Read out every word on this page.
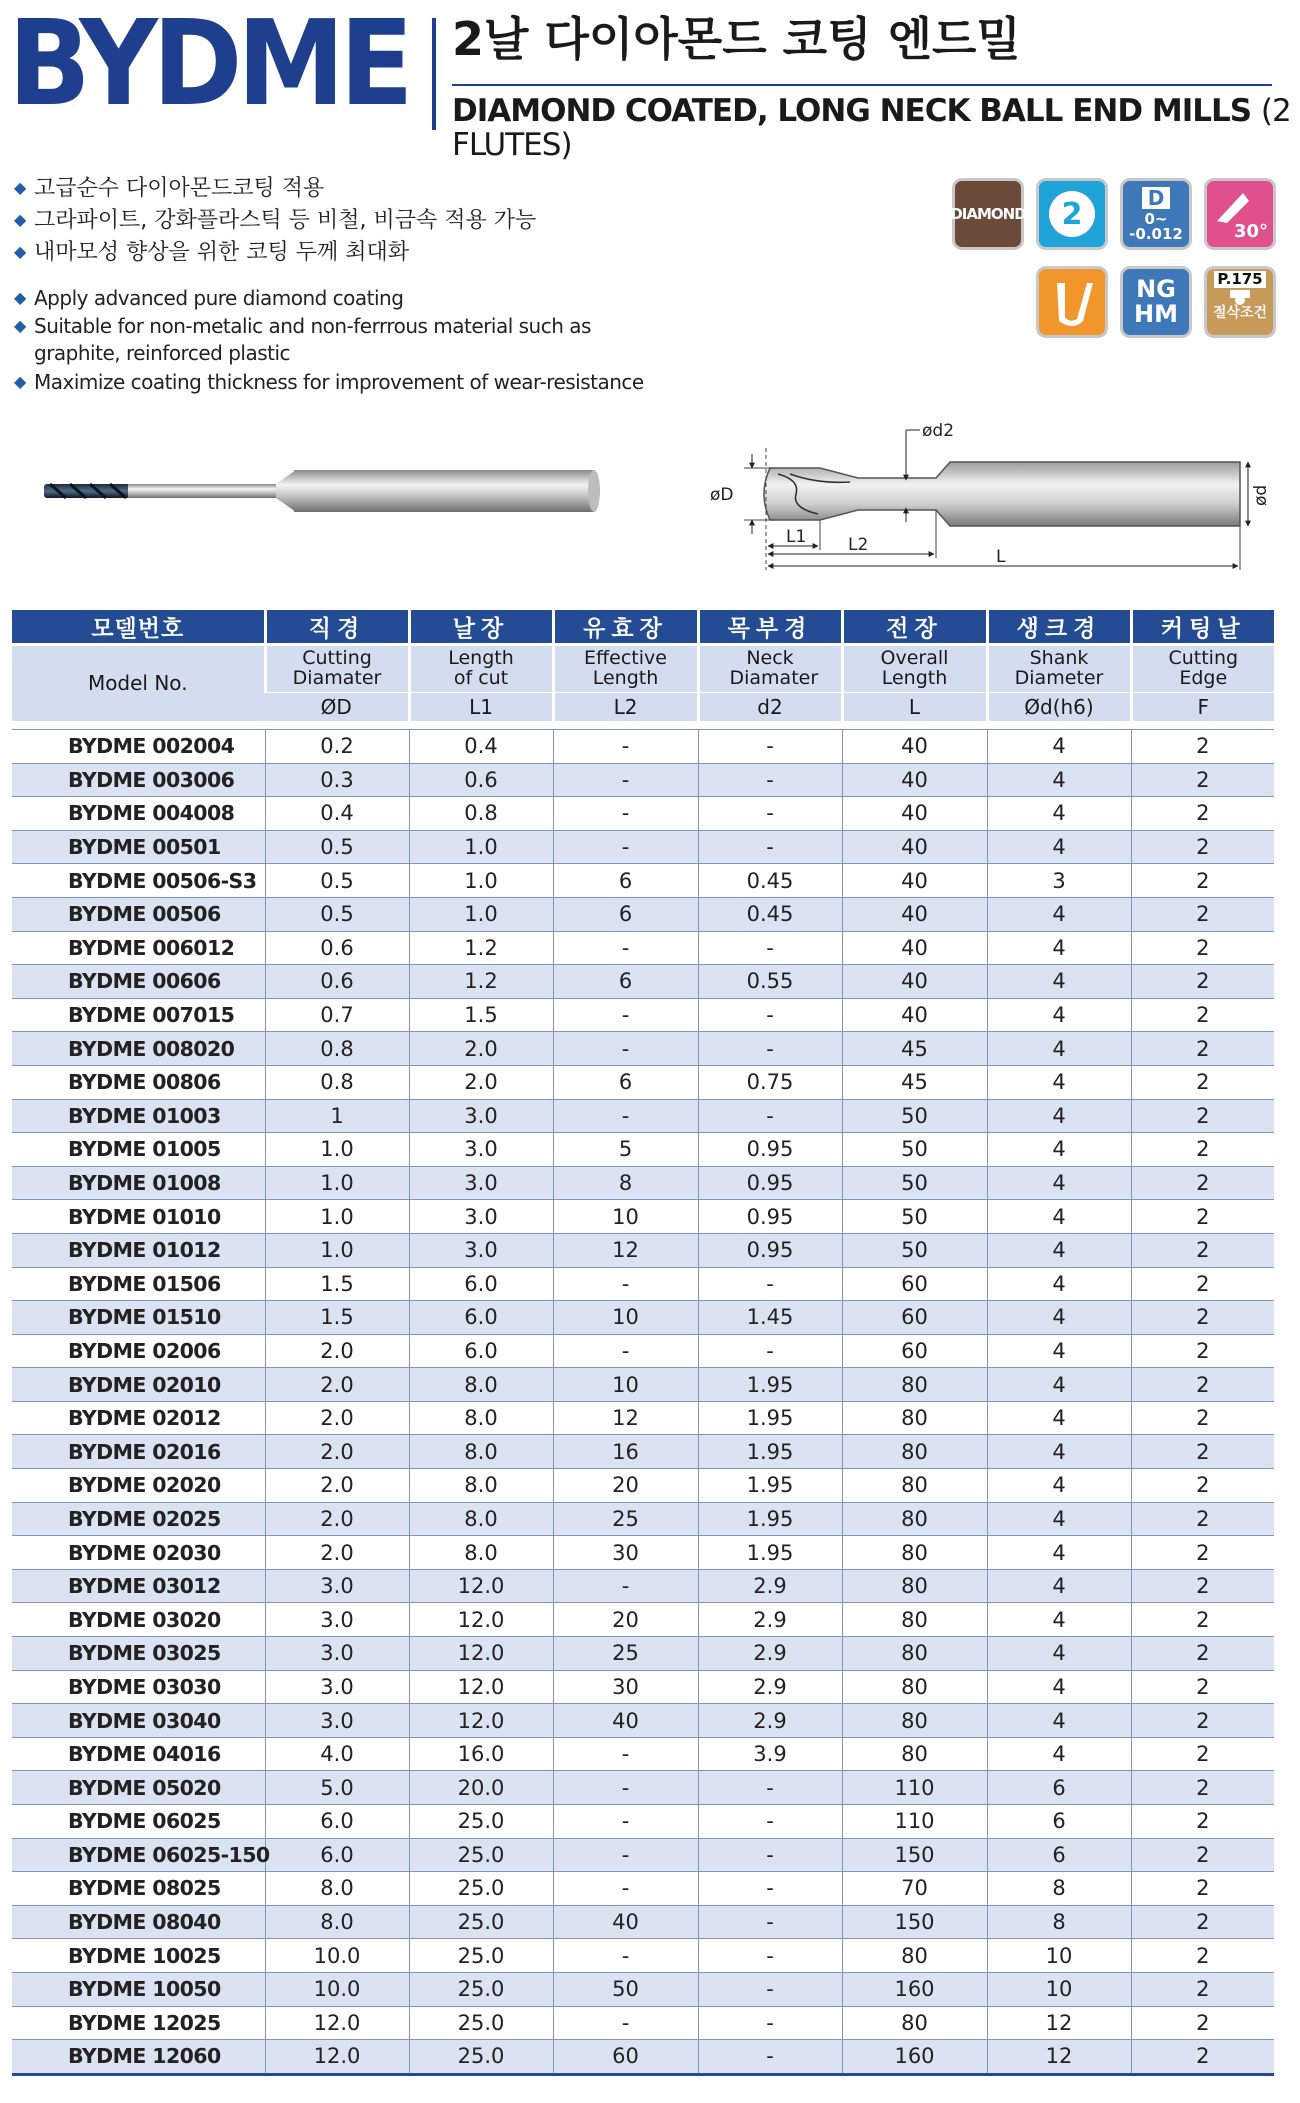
BYDME 2날 다이아몬드 코팅 엔드밀
DIAMOND COATED, LONG NECK BALL END MILLS (2 FLUTES)
◆ 고급순수 다이아몬드코팅 적용
◆ 그라파이트, 강화플라스틱 등 비철, 비금속 적용 가능
◆ 내마모성 향상을 위한 코팅 두께 최대화
◆ Apply advanced pure diamond coating
◆ Suitable for non-metalic and non-ferrrous material such as
graphite, reinforced plastic
◆ Maximize coating thickness for improvement of wear-resistance
DIAMOND	2	D
0~
-0.012	30°
NG
HM
P.175
절삭조건
ød2
øD
L1 L2
L
ød
모델번호	직경	날장	유효장	목부경	전장	생크경	커팅날
Model No.	Cutting Diamater	Length of cut	Effective Length	Neck Diamater	Overall Length	Shank Diameter	Cutting Edge

	ØD	L1	L2	d2	L	Ød(h6)	F

BYDME 002004	0.2	0.4	-	-	40	4	2
BYDME 003006	0.3	0.6	-	-	40	4	2
BYDME 004008	0.4	0.8	-	-	40	4	2
BYDME 00501	0.5	1.0	-	-	40	4	2
BYDME 00506-S3	0.5	1.0	6	0.45	40	3	2
BYDME 00506	0.5	1.0	6	0.45	40	4	2
BYDME 006012	0.6	1.2	-	-	40	4	2
BYDME 00606	0.6	1.2	6	0.55	40	4	2
BYDME 007015	0.7	1.5	-	-	40	4	2
BYDME 008020	0.8	2.0	-	-	45	4	2
BYDME 00806	0.8	2.0	6	0.75	45	4	2
BYDME 01003	1	3.0	-	-	50	4	2
BYDME 01005	1.0	3.0	5	0.95	50	4	2
BYDME 01008	1.0	3.0	8	0.95	50	4	2
BYDME 01010	1.0	3.0	10	0.95	50	4	2
BYDME 01012	1.0	3.0	12	0.95	50	4	2
BYDME 01506	1.5	6.0	-	-	60	4	2
BYDME 01510	1.5	6.0	10	1.45	60	4	2
BYDME 02006	2.0	6.0	-	-	60	4	2
BYDME 02010	2.0	8.0	10	1.95	80	4	2
BYDME 02012	2.0	8.0	12	1.95	80	4	2
BYDME 02016	2.0	8.0	16	1.95	80	4	2
BYDME 02020	2.0	8.0	20	1.95	80	4	2
BYDME 02025	2.0	8.0	25	1.95	80	4	2
BYDME 02030	2.0	8.0	30	1.95	80	4	2
BYDME 03012	3.0	12.0	-	2.9	80	4	2
BYDME 03020	3.0	12.0	20	2.9	80	4	2
BYDME 03025	3.0	12.0	25	2.9	80	4	2
BYDME 03030	3.0	12.0	30	2.9	80	4	2
BYDME 03040	3.0	12.0	40	2.9	80	4	2
BYDME 04016	4.0	16.0	-	3.9	80	4	2
BYDME 05020	5.0	20.0	-	-	110	6	2
BYDME 06025	6.0	25.0	-	-	110	6	2
BYDME 06025-150	6.0	25.0	-	-	150	6	2
BYDME 08025	8.0	25.0	-	-	70	8	2
BYDME 08040	8.0	25.0	40	-	150	8	2
BYDME 10025	10.0	25.0	-	-	80	10	2
BYDME 10050	10.0	25.0	50	-	160	10	2
BYDME 12025	12.0	25.0	-	-	80	12	2
BYDME 12060	12.0	25.0	60	-	160	12	2
